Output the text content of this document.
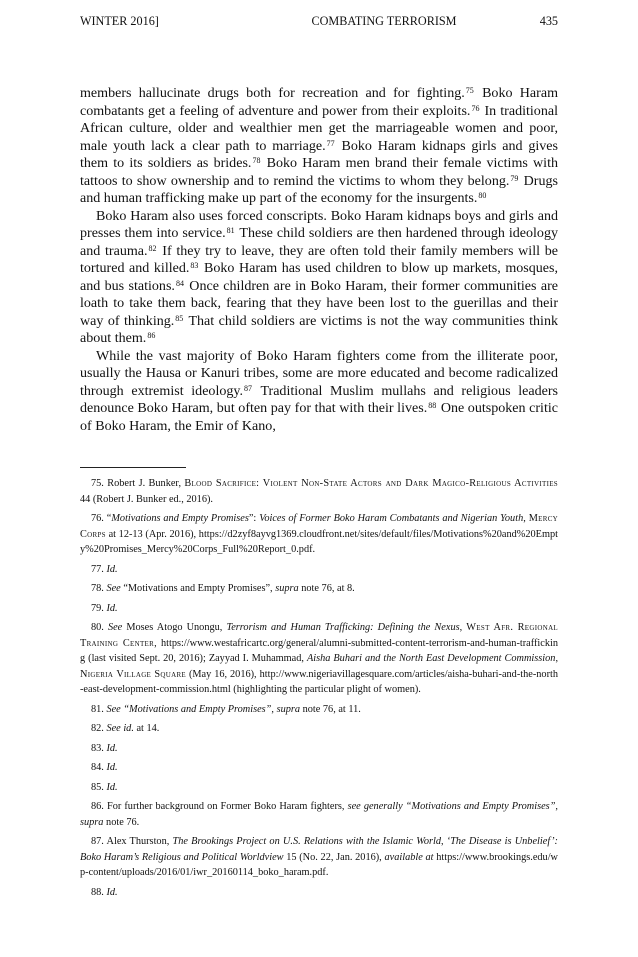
WINTER 2016]	COMBATING TERRORISM	435

members hallucinate drugs both for recreation and for fighting.$^{75}$ Boko Haram combatants get a feeling of adventure and power from their exploits.$^{76}$ In traditional African culture, older and wealthier men get the marriageable women and poor, male youth lack a clear path to marriage.$^{77}$ Boko Haram kidnaps girls and gives them to its soldiers as brides.$^{78}$ Boko Haram men brand their female victims with tattoos to show ownership and to remind the victims to whom they belong.$^{79}$ Drugs and human trafficking make up part of the economy for the insurgents.$^{80}$

Boko Haram also uses forced conscripts. Boko Haram kidnaps boys and girls and presses them into service.$^{81}$ These child soldiers are then hardened through ideology and trauma.$^{82}$ If they try to leave, they are often told their family members will be tortured and killed.$^{83}$ Boko Haram has used children to blow up markets, mosques, and bus stations.$^{84}$ Once children are in Boko Haram, their former communities are loath to take them back, fearing that they have been lost to the guerillas and their way of thinking.$^{85}$ That child soldiers are victims is not the way communities think about them.$^{86}$

While the vast majority of Boko Haram fighters come from the illiterate poor, usually the Hausa or Kanuri tribes, some are more educated and become radicalized through extremist ideology.$^{87}$ Traditional Muslim mullahs and religious leaders denounce Boko Haram, but often pay for that with their lives.$^{88}$ One outspoken critic of Boko Haram, the Emir of Kano,

75. Robert J. Bunker, Blood Sacrifice: Violent Non-State Actors and Dark Magico-Religious Activities 44 (Robert J. Bunker ed., 2016).
76. “Motivations and Empty Promises”: Voices of Former Boko Haram Combatants and Nigerian Youth, Mercy Corps at 12-13 (Apr. 2016), https://d2zyf8ayvg1369.cloudfront.net/sites/default/files/Motivations%20and%20Empty%20Promises_Mercy%20Corps_Full%20Report_0.pdf.
77. Id.
78. See “Motivations and Empty Promises”, supra note 76, at 8.
79. Id.
80. See Moses Atogo Unongu, Terrorism and Human Trafficking: Defining the Nexus, West Afr. Regional Training Center, https://www.westafricartc.org/general/alumni-submitted-content-terrorism-and-human-trafficking (last visited Sept. 20, 2016); Zayyad I. Muhammad, Aisha Buhari and the North East Development Commission, Nigeria Village Square (May 16, 2016), http://www.nigeriavillagesquare.com/articles/aisha-buhari-and-the-north-east-development-commission.html (highlighting the particular plight of women).
81. See “Motivations and Empty Promises”, supra note 76, at 11.
82. See id. at 14.
83. Id.
84. Id.
85. Id.
86. For further background on Former Boko Haram fighters, see generally “Motivations and Empty Promises”, supra note 76.
87. Alex Thurston, The Brookings Project on U.S. Relations with the Islamic World, ‘The Disease is Unbelief’: Boko Haram’s Religious and Political Worldview 15 (No. 22, Jan. 2016), available at https://www.brookings.edu/wp-content/uploads/2016/01/iwr_20160114_boko_haram.pdf.
88. Id.
